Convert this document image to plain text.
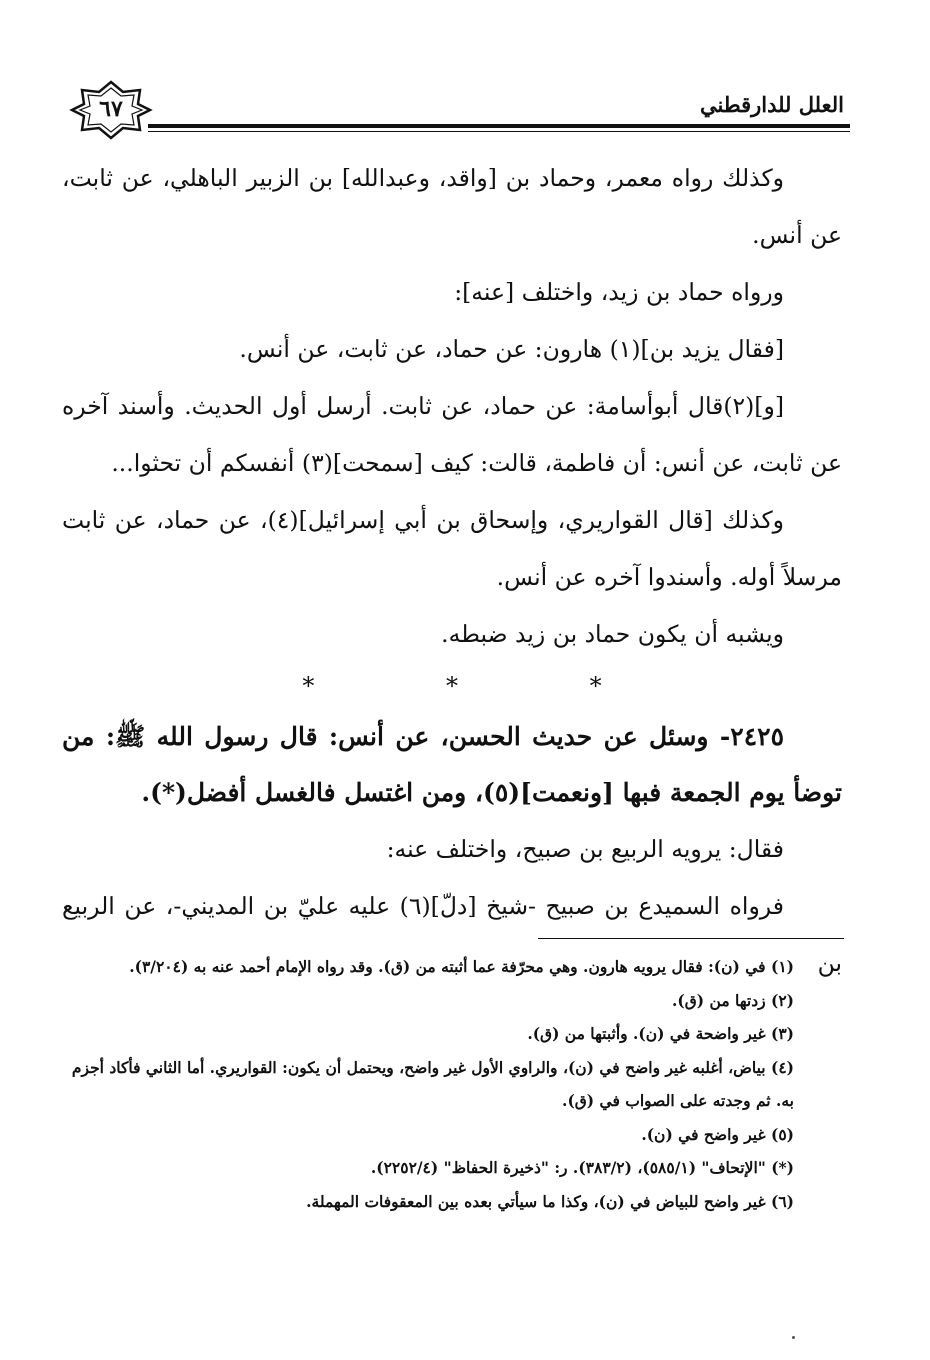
٦٧	العلل للدارقطني

وكذلك رواه معمر، وحماد بن [واقد، وعبدالله] بن الزبير الباهلي، عن ثابت، عن أنس.

ورواه حماد بن زيد، واختلف [عنه]:

[فقال يزيد بن](١) هارون: عن حماد، عن ثابت، عن أنس.

[و](٢)قال أبوأسامة: عن حماد، عن ثابت. أرسل أول الحديث. وأسند آخره عن ثابت، عن أنس: أن فاطمة، قالت: كيف [سمحت](٣) أنفسكم أن تحثوا...

وكذلك [قال القواريري، وإسحاق بن أبي إسرائيل](٤)، عن حماد، عن ثابت مرسلاً أوله. وأسندوا آخره عن أنس.

ويشبه أن يكون حماد بن زيد ضبطه.

* * *

٢٤٢٥- وسئل عن حديث الحسن، عن أنس: قال رسول الله ﷺ: من توضأ يوم الجمعة فبها [ونعمت](٥)، ومن اغتسل فالغسل أفضل(*).

فقال: يرويه الربيع بن صبيح، واختلف عنه:

فرواه السميدع بن صبيح -شيخ [دلّ](٦) عليه عليّ بن المديني-، عن الربيع بن

(١) في (ن): فقال يرويه هارون. وهي محرّفة عما أثبته من (ق). وقد رواه الإمام أحمد عنه به (٣/٢٠٤).

(٢) زدتها من (ق).

(٣) غير واضحة في (ن). وأثبتها من (ق).

(٤) بياض، أغلبه غير واضح في (ن)، والراوي الأول غير واضح، ويحتمل أن يكون: القواريري. أما الثاني فأكاد أجزم به. ثم وجدته على الصواب في (ق).

(٥) غير واضح في (ن).

(*) "الإتحاف" (٥٨٥/١)، (٣٨٣/٢). ر: "ذخيرة الحفاظ" (٢٢٥٢/٤).

(٦) غير واضح للبياض في (ن)، وكذا ما سيأتي بعده بين المعقوفات المهملة.
